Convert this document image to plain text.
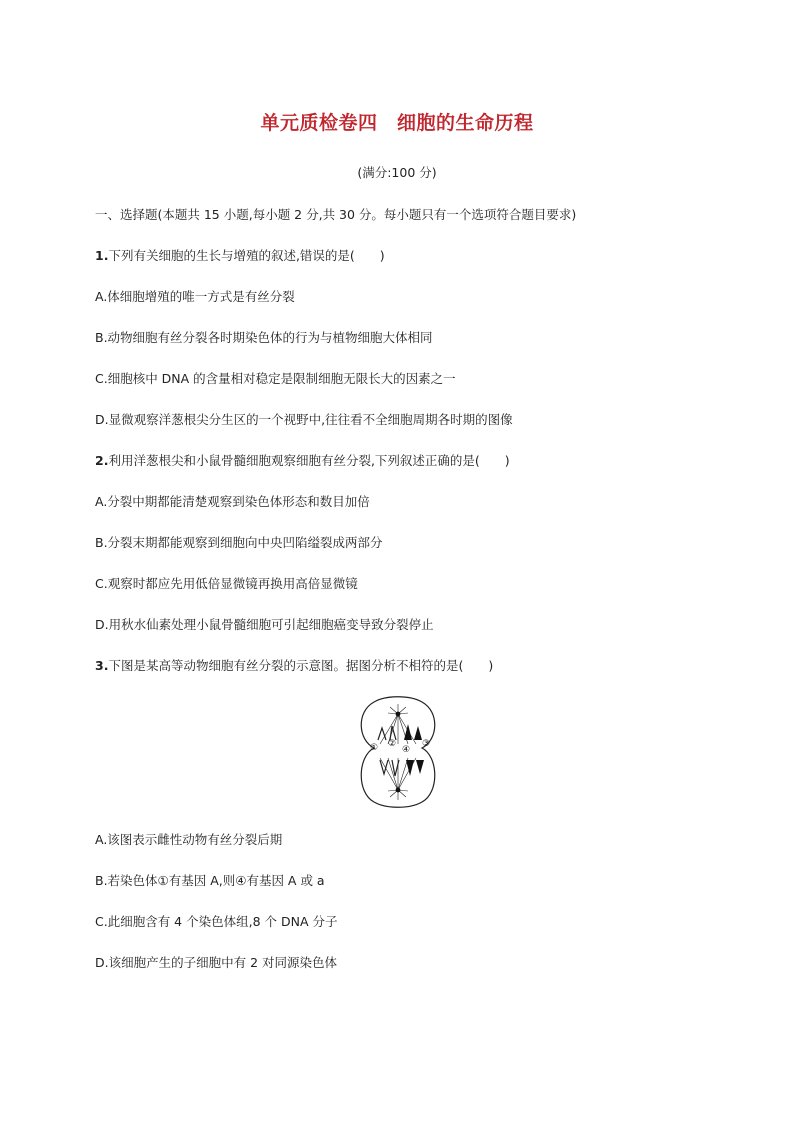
单元质检卷四　细胞的生命历程
(满分:100 分)
一、选择题(本题共 15 小题,每小题 2 分,共 30 分。每小题只有一个选项符合题目要求)
1.下列有关细胞的生长与增殖的叙述,错误的是(　　)
A.体细胞增殖的唯一方式是有丝分裂
B.动物细胞有丝分裂各时期染色体的行为与植物细胞大体相同
C.细胞核中 DNA 的含量相对稳定是限制细胞无限长大的因素之一
D.显微观察洋葱根尖分生区的一个视野中,往往看不全细胞周期各时期的图像
2.利用洋葱根尖和小鼠骨髓细胞观察细胞有丝分裂,下列叙述正确的是(　　)
A.分裂中期都能清楚观察到染色体形态和数目加倍
B.分裂末期都能观察到细胞向中央凹陷缢裂成两部分
C.观察时都应先用低倍显微镜再换用高倍显微镜
D.用秋水仙素处理小鼠骨髓细胞可引起细胞癌变导致分裂停止
3.下图是某高等动物细胞有丝分裂的示意图。据图分析不相符的是(　　)
① ②
④
③
A.该图表示雌性动物有丝分裂后期
B.若染色体①有基因 A,则④有基因 A 或 a
C.此细胞含有 4 个染色体组,8 个 DNA 分子
D.该细胞产生的子细胞中有 2 对同源染色体
